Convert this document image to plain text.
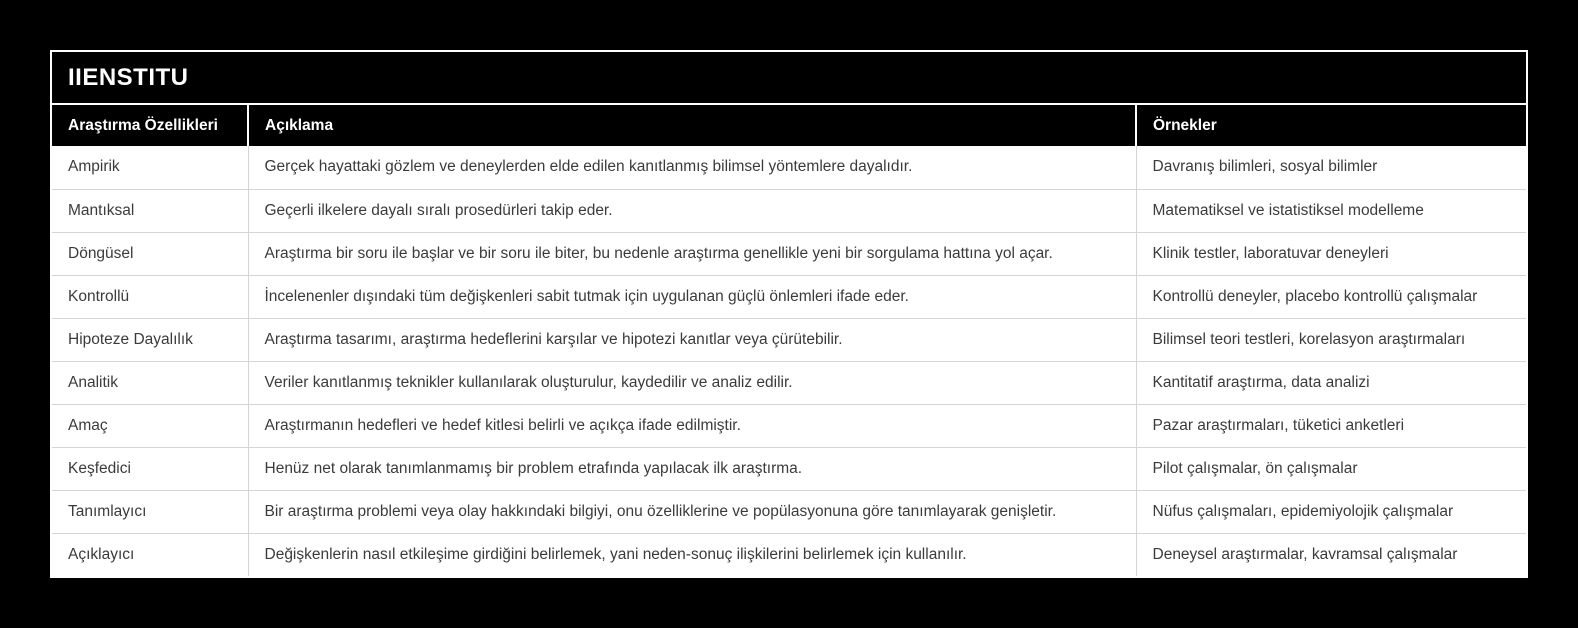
IIENSTITU
Araştırma Özellikleri	Açıklama	Örnekler
Ampirik	Gerçek hayattaki gözlem ve deneylerden elde edilen kanıtlanmış bilimsel yöntemlere dayalıdır.	Davranış bilimleri, sosyal bilimler
Mantıksal	Geçerli ilkelere dayalı sıralı prosedürleri takip eder.	Matematiksel ve istatistiksel modelleme
Döngüsel	Araştırma bir soru ile başlar ve bir soru ile biter, bu nedenle araştırma genellikle yeni bir sorgulama hattına yol açar.	Klinik testler, laboratuvar deneyleri
Kontrollü	İncelenenler dışındaki tüm değişkenleri sabit tutmak için uygulanan güçlü önlemleri ifade eder.	Kontrollü deneyler, placebo kontrollü çalışmalar
Hipoteze Dayalılık	Araştırma tasarımı, araştırma hedeflerini karşılar ve hipotezi kanıtlar veya çürütebilir.	Bilimsel teori testleri, korelasyon araştırmaları
Analitik	Veriler kanıtlanmış teknikler kullanılarak oluşturulur, kaydedilir ve analiz edilir.	Kantitatif araştırma, data analizi
Amaç	Araştırmanın hedefleri ve hedef kitlesi belirli ve açıkça ifade edilmiştir.	Pazar araştırmaları, tüketici anketleri
Keşfedici	Henüz net olarak tanımlanmamış bir problem etrafında yapılacak ilk araştırma.	Pilot çalışmalar, ön çalışmalar
Tanımlayıcı	Bir araştırma problemi veya olay hakkındaki bilgiyi, onu özelliklerine ve popülasyonuna göre tanımlayarak genişletir.	Nüfus çalışmaları, epidemiyolojik çalışmalar
Açıklayıcı	Değişkenlerin nasıl etkileşime girdiğini belirlemek, yani neden-sonuç ilişkilerini belirlemek için kullanılır.	Deneysel araştırmalar, kavramsal çalışmalar
